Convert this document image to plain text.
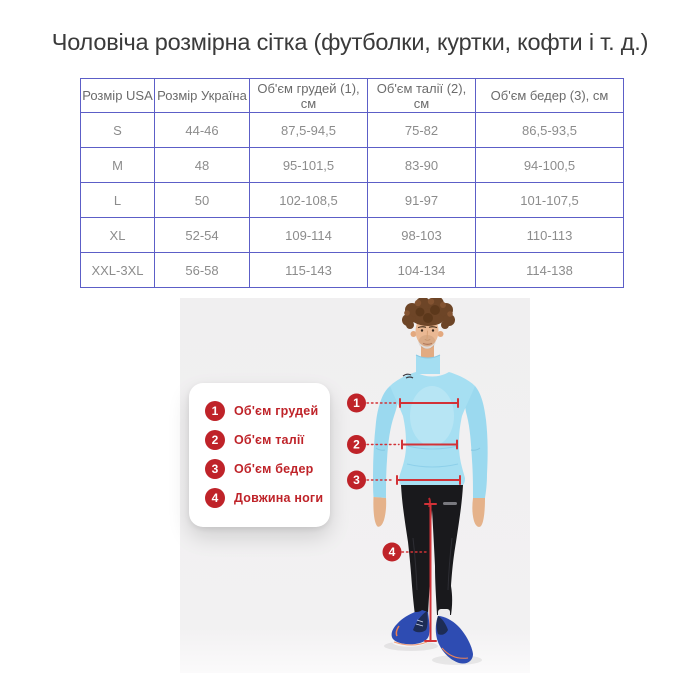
Чоловіча розмірна сітка (футболки, куртки, кофти і т. д.)
Розмір USA	Розмір Україна	Об'єм грудей (1), см	Об'єм талії (2), см	Об'єм бедер (3), см
S	44-46	87,5-94,5	75-82	86,5-93,5
M	48	95-101,5	83-90	94-100,5
L	50	102-108,5	91-97	101-107,5
XL	52-54	109-114	98-103	110-113
XXL-3XL	56-58	115-143	104-134	114-138
1
2
3
4
1	Об'єм грудей
2	Об'єм талії
3	Об'єм бедер
4	Довжина ноги
